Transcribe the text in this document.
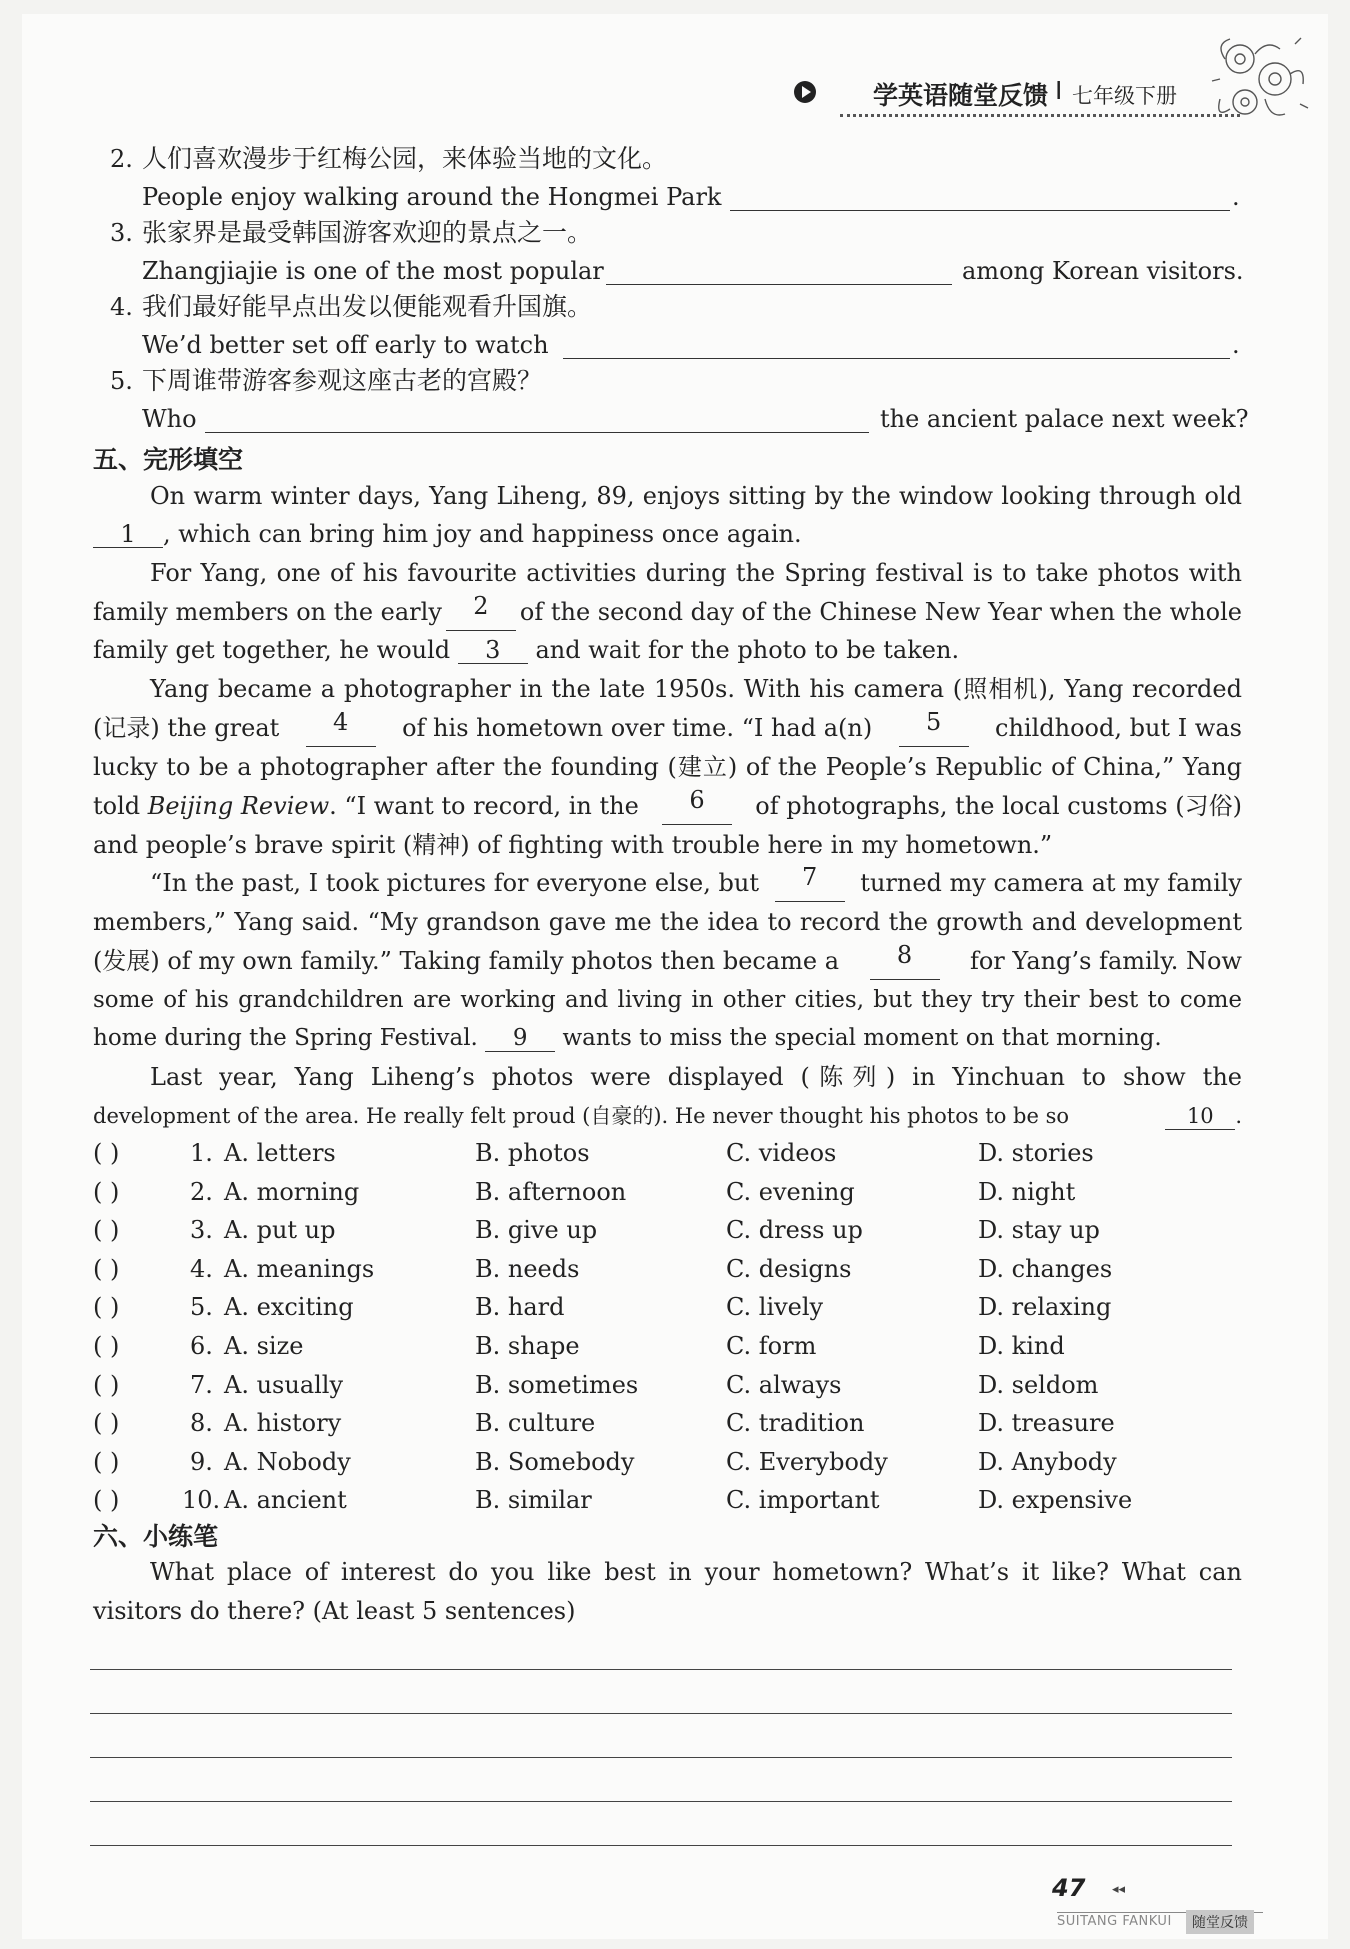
学英语随堂反馈 I 七年级下册
2. 人们喜欢漫步于红梅公园，来体验当地的文化。
People enjoy walking around the Hongmei Park
	.
3. 张家界是最受韩国游客欢迎的景点之一。
Zhangjiajie is one of the most popular
	among Korean visitors.
4. 我们最好能早点出发以便能观看升国旗。
We’d better set off early to watch
	.
5. 下周谁带游客参观这座古老的宫殿？
Who
	the ancient palace next week?
五、完形填空
On warm winter days, Yang Liheng, 89, enjoys sitting by the window looking through old
1 , which can bring him joy and happiness once again.
For Yang, one of his favourite activities during the Spring festival is to take photos with
family members on the early	2	of the second day of the Chinese New Year when the whole
family get together, he would 3 and wait for the photo to be taken.
Yang became a photographer in the late 1950s. With his camera (照相机), Yang recorded
(记录) the great	4	of his hometown over time. “I had a(n)	5	childhood, but I was
lucky to be a photographer after the founding (建立) of the People’s Republic of China,” Yang
told Beijing Review. “I want to record, in the	6	of photographs, the local customs (习俗)
and people’s brave spirit (精神) of fighting with trouble here in my hometown.”
“In the past, I took pictures for everyone else, but	7	turned my camera at my family
members,” Yang said. “My grandson gave me the idea to record the growth and development
(发展) of my own family.” Taking family photos then became a	8	for Yang’s family. Now
some of his grandchildren are working and living in other cities, but they try their best to come
home during the Spring Festival. 9 wants to miss the special moment on that morning.
Last year, Yang Liheng’s photos were displayed (陈列) in Yinchuan to show the
development of the area. He really felt proud (自豪的). He never thought his photos to be so	10 .
( )	1. A. letters	B. photos	C. videos	D. stories
( )	2. A. morning	B. afternoon	C. evening	D. night
( )	3. A. put up	B. give up	C. dress up	D. stay up
( )	4. A. meanings	B. needs	C. designs	D. changes
( )	5. A. exciting	B. hard	C. lively	D. relaxing
( )	6. A. size	B. shape	C. form	D. kind
( )	7. A. usually	B. sometimes	C. always	D. seldom
( )	8. A. history	B. culture	C. tradition	D. treasure
( )	9. A. Nobody	B. Somebody	C. Everybody	D. Anybody
( )	10. A. ancient	B. similar	C. important	D. expensive
六、小练笔
What place of interest do you like best in your hometown? What’s it like? What can
visitors do there? (At least 5 sentences)
47 ◂◂
SUITANG FANKUI	随堂反馈
